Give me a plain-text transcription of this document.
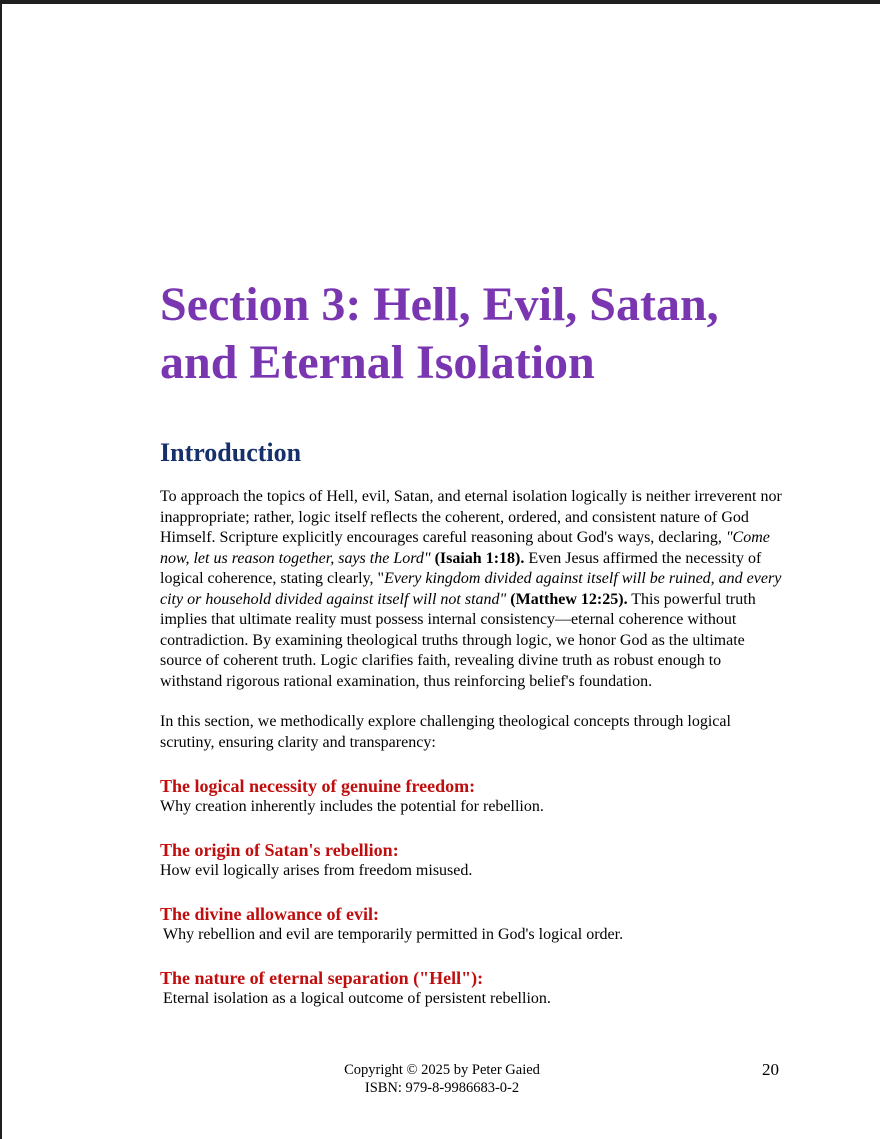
Section 3: Hell, Evil, Satan,
and Eternal Isolation
Introduction

To approach the topics of Hell, evil, Satan, and eternal isolation logically is neither irreverent nor inappropriate; rather, logic itself reflects the coherent, ordered, and consistent nature of God Himself. Scripture explicitly encourages careful reasoning about God's ways, declaring, "Come now, let us reason together, says the Lord" (Isaiah 1:18). Even Jesus affirmed the necessity of logical coherence, stating clearly, "Every kingdom divided against itself will be ruined, and every city or household divided against itself will not stand" (Matthew 12:25). This powerful truth implies that ultimate reality must possess internal consistency—eternal coherence without contradiction. By examining theological truths through logic, we honor God as the ultimate source of coherent truth. Logic clarifies faith, revealing divine truth as robust enough to withstand rigorous rational examination, thus reinforcing belief's foundation.

In this section, we methodically explore challenging theological concepts through logical scrutiny, ensuring clarity and transparency:

The logical necessity of genuine freedom:

Why creation inherently includes the potential for rebellion.

The origin of Satan's rebellion:

How evil logically arises from freedom misused.

The divine allowance of evil:

Why rebellion and evil are temporarily permitted in God's logical order.

The nature of eternal separation ("Hell"):

Eternal isolation as a logical outcome of persistent rebellion.

Copyright © 2025 by Peter Gaied
ISBN: 979-8-9986683-0-2
20
